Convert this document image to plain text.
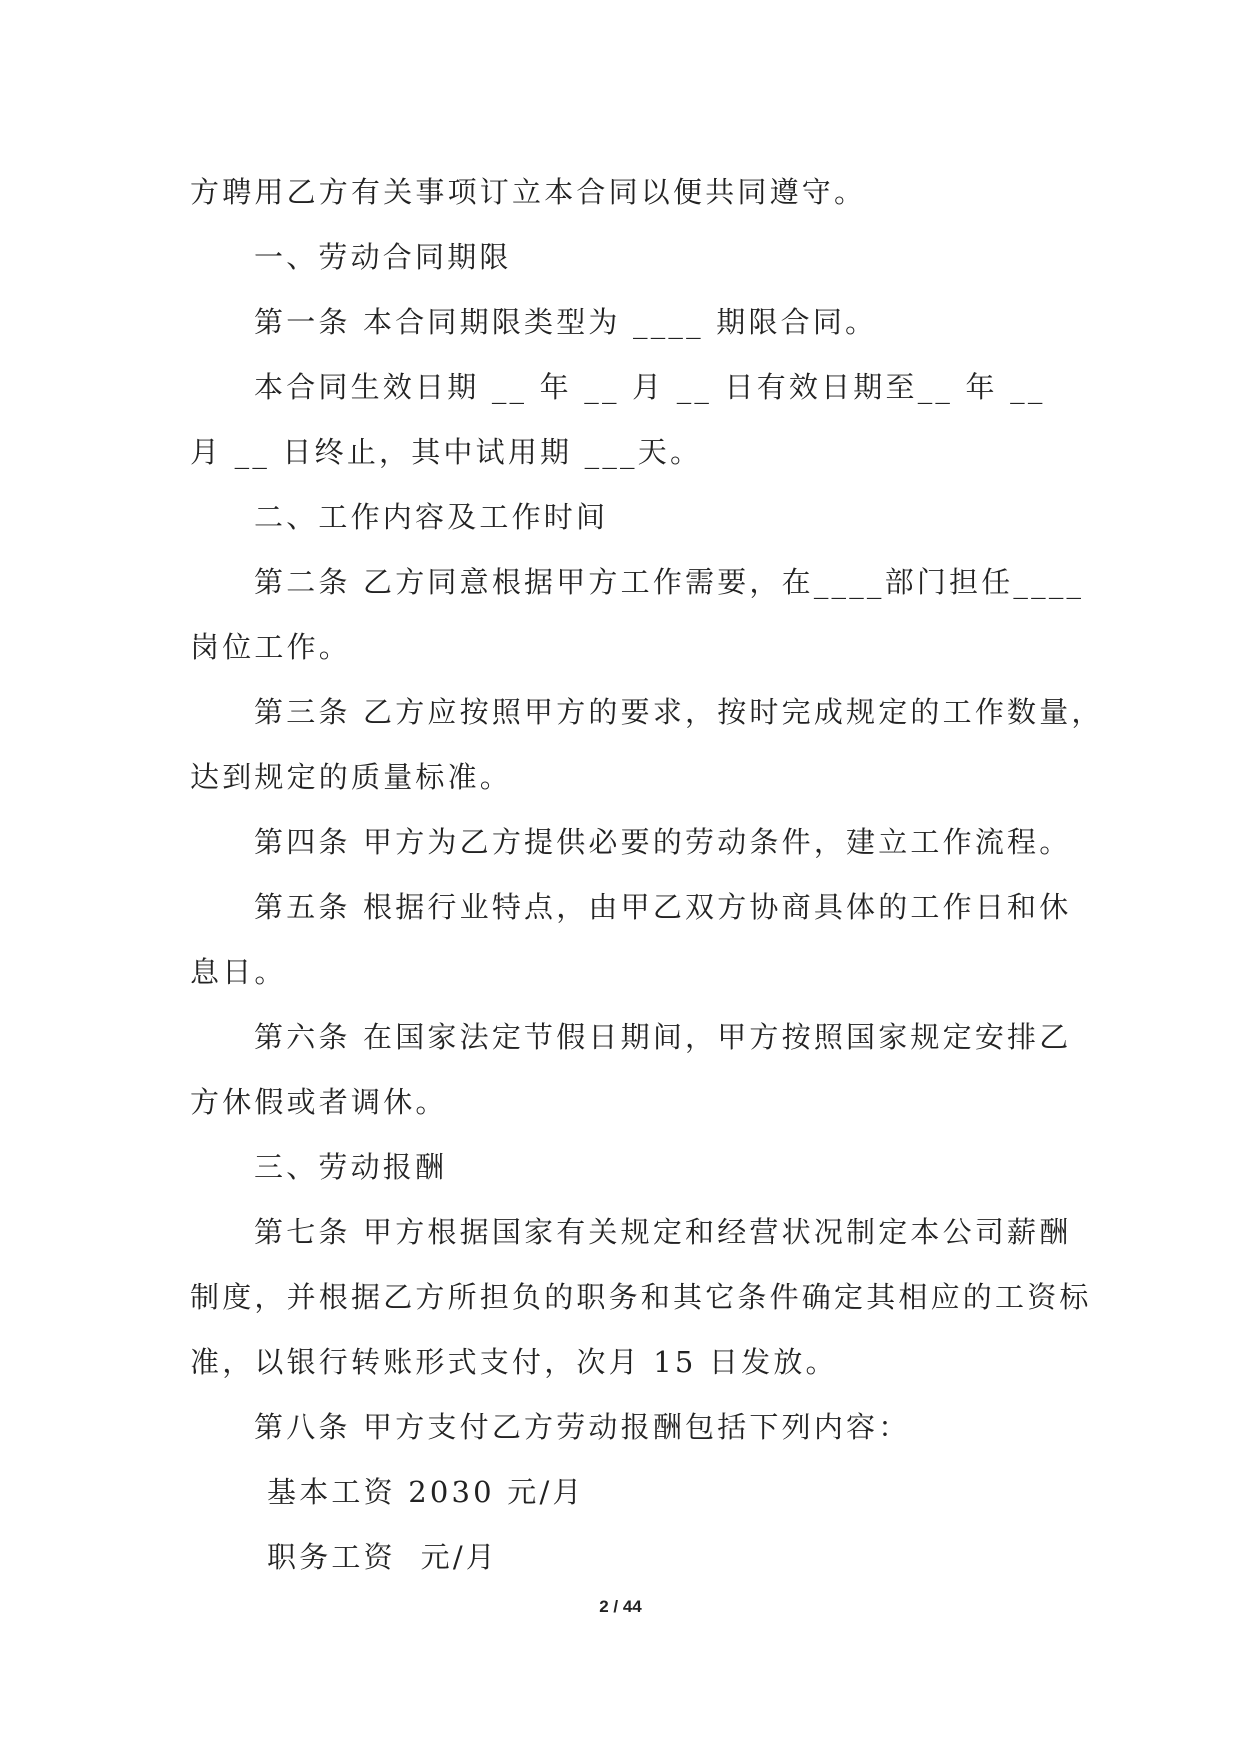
方聘用乙方有关事项订立本合同以便共同遵守。
一、劳动合同期限
第一条 本合同期限类型为 ____ 期限合同。
本合同生效日期 __ 年 __ 月 __ 日有效日期至__ 年 __
月 __ 日终止，其中试用期 ___天。
二、工作内容及工作时间
第二条 乙方同意根据甲方工作需要，在____部门担任____
岗位工作。
第三条 乙方应按照甲方的要求，按时完成规定的工作数量，
达到规定的质量标准。
第四条 甲方为乙方提供必要的劳动条件，建立工作流程。
第五条 根据行业特点，由甲乙双方协商具体的工作日和休
息日。
第六条 在国家法定节假日期间，甲方按照国家规定安排乙
方休假或者调休。
三、劳动报酬
第七条 甲方根据国家有关规定和经营状况制定本公司薪酬
制度，并根据乙方所担负的职务和其它条件确定其相应的工资标
准，以银行转账形式支付，次月 15 日发放。
第八条 甲方支付乙方劳动报酬包括下列内容：
基本工资 2030 元/月
职务工资  元/月
2 / 44
